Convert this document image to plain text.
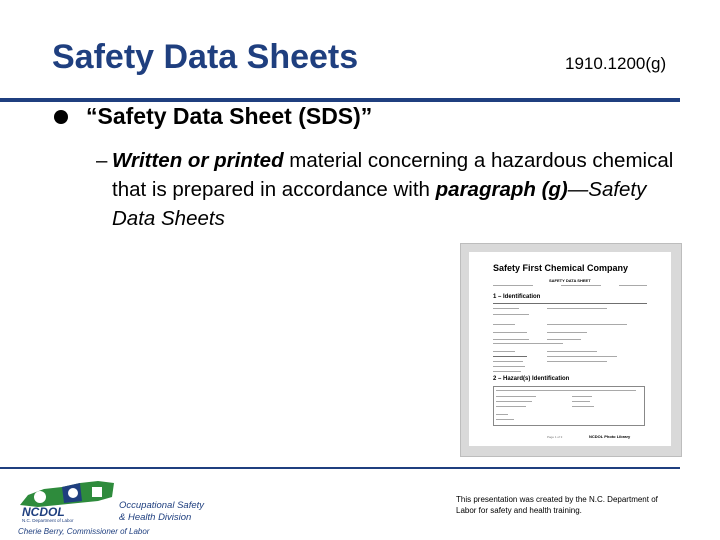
Safety Data Sheets	1910.1200(g)
“Safety Data Sheet (SDS)”
– Written or printed material concerning a hazardous chemical that is prepared in accordance with paragraph (g)—Safety Data Sheets
Safety First Chemical Company
SAFETY DATA SHEET
1 – Identification
2 – Hazard(s) Identification
Page 1 of 3	NCDOL Photo Library
NCDOL
N.C. Department of Labor
Occupational Safety
& Health Division
Cherie Berry, Commissioner of Labor
This presentation was created by the N.C. Department of Labor for safety and health training.
